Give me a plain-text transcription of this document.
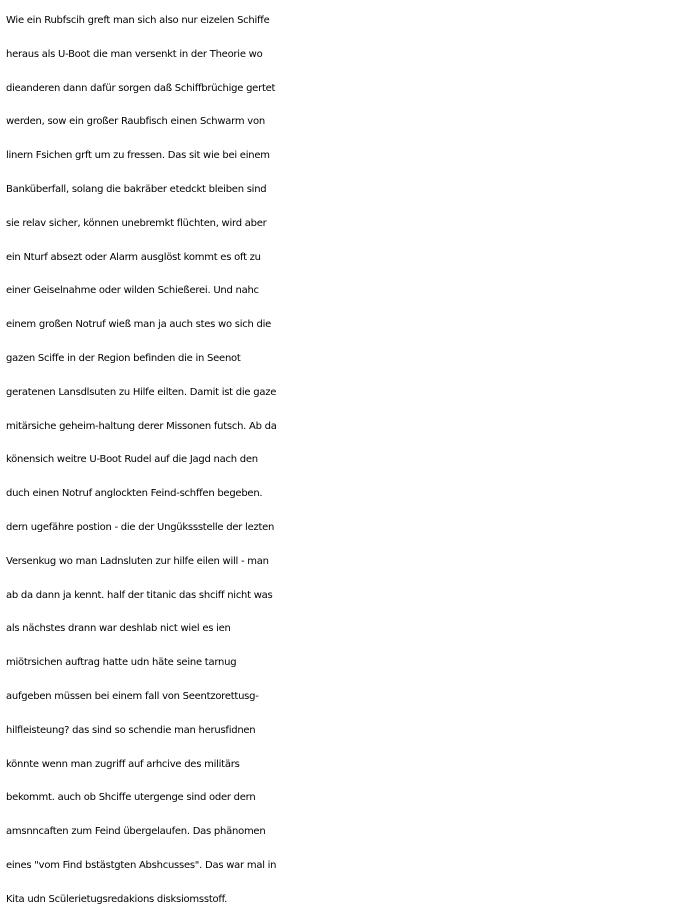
Wie ein Rubfscih greft man sich also nur eizelen Schiffe
heraus als U-Boot die man versenkt in der Theorie wo
dieanderen dann dafür sorgen daß Schiffbrüchige gertet
werden, sow ein großer Raubfisch einen Schwarm von
linern Fsichen grft um zu fressen. Das sit wie bei einem
Banküberfall, solang die bakräber etedckt bleiben sind
sie relav sicher, können unebremkt flüchten, wird aber
ein Nturf absezt oder Alarm ausglöst kommt es oft zu
einer Geiselnahme oder wilden Schießerei. Und nahc
einem großen Notruf wieß man ja auch stes wo sich die
gazen Sciffe in der Region befinden die in Seenot
geratenen Lansdlsuten zu Hilfe eilten. Damit ist die gaze
mitärsiche geheim-haltung derer Missonen futsch. Ab da
könensich weitre U-Boot Rudel auf die Jagd nach den
duch einen Notruf anglockten Feind-schffen begeben.
dern ugefähre postion - die der Ungükssstelle der lezten
Versenkug wo man Ladnsluten zur hilfe eilen will - man
ab da dann ja kennt. half der titanic das shciff nicht was
als nächstes drann war deshlab nict wiel es ien
miötrsichen auftrag hatte udn häte seine tarnug
aufgeben müssen bei einem fall von Seentzorettusg-
hilfleisteung? das sind so schendie man herusfidnen
könnte wenn man zugriff auf arhcive des militärs
bekommt. auch ob Shciffe utergenge sind oder dern
amsnncaften zum Feind übergelaufen. Das phänomen
eines "vom Find bstästgten Abshcusses". Das war mal in
Kita udn Scülerietugsredakions disksiomsstoff.
